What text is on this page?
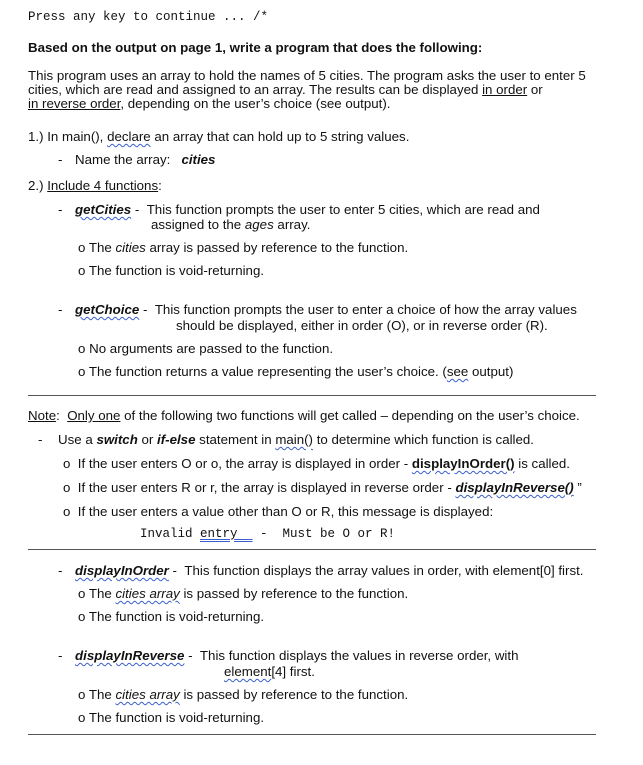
Press any key to continue ... /*
Based on the output on page 1, write a program that does the following:
This program uses an array to hold the names of 5 cities. The program asks the user to enter 5
cities, which are read and assigned to an array. The results can be displayed in order or
in reverse order, depending on the user’s choice (see output).
1.) In main(), declare an array that can hold up to 5 string values.
- Name the array: cities
2.) Include 4 functions:
- getCities -  This function prompts the user to enter 5 cities, which are read and
assigned to the ages array.
o The cities array is passed by reference to the function.
o The function is void-returning.
- getChoice -  This function prompts the user to enter a choice of how the array values
should be displayed, either in order (O), or in reverse order (R).
o No arguments are passed to the function.
o The function returns a value representing the user’s choice. (see output)
Note: Only one of the following two functions will get called – depending on the user’s choice.
- Use a switch or if-else statement in main() to determine which function is called.
o If the user enters O or o, the array is displayed in order - displayInOrder() is called.
o If the user enters R or r, the array is displayed in reverse order - displayInReverse() ”
o If the user enters a value other than O or R, this message is displayed:
Invalid entry   -  Must be O or R!
- displayInOrder -  This function displays the array values in order, with element[0] first.
o The cities array is passed by reference to the function.
o The function is void-returning.
- displayInReverse -  This function displays the values in reverse order, with
element[4] first.
o The cities array is passed by reference to the function.
o The function is void-returning.
